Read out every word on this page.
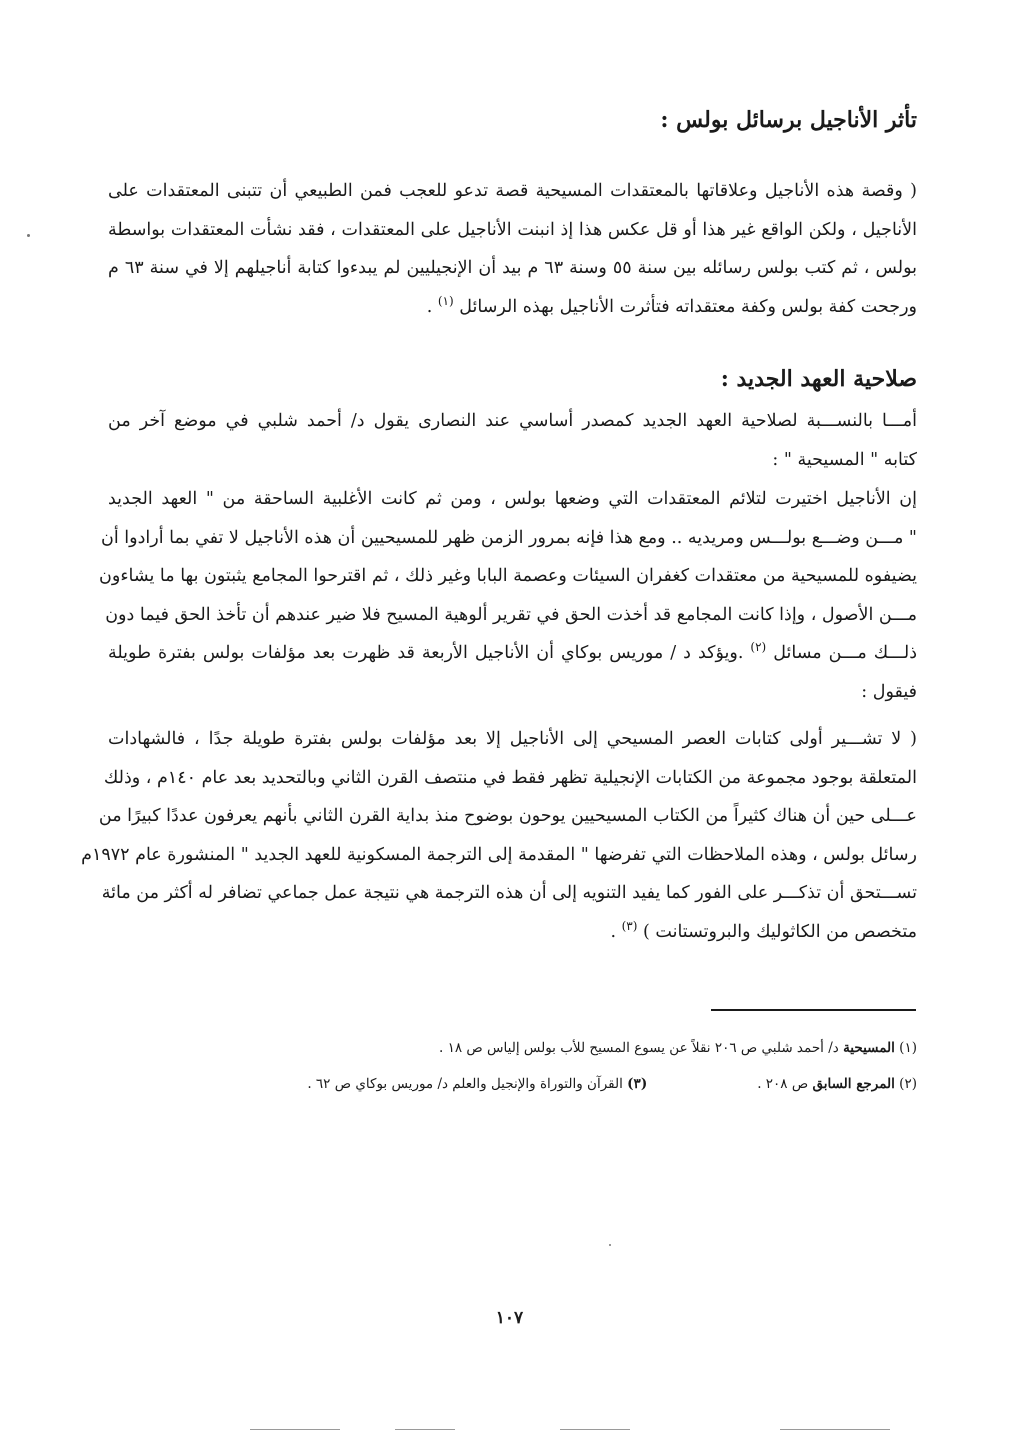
تأثر الأناجيل برسائل بولس :
( وقصة هذه الأناجيل وعلاقاتها بالمعتقدات المسيحية قصة تدعو للعجب فمن الطبيعي أن تتبنى المعتقدات على
الأناجيل ، ولكن الواقع غير هذا أو قل عكس هذا إذ انبنت الأناجيل على المعتقدات ، فقد نشأت المعتقدات بواسطة
بولس ، ثم كتب بولس رسائله بين سنة ٥٥ وسنة ٦٣ م بيد أن الإنجيليين لم يبدءوا كتابة أناجيلهم إلا في سنة ٦٣ م
ورجحت كفة بولس وكفة معتقداته فتأثرت الأناجيل بهذه الرسائل $^{(١)}$ .
صلاحية العهد الجديد :
أمـــا بالنســـبة لصلاحية العهد الجديد كمصدر أساسي عند النصارى يقول د/ أحمد شلبي في موضع آخر من
كتابه " المسيحية " :
إن الأناجيل اختيرت لتلائم المعتقدات التي وضعها بولس ، ومن ثم كانت الأغلبية الساحقة من " العهد الجديد
" مـــن وضـــع بولـــس ومريديه .. ومع هذا فإنه بمرور الزمن ظهر للمسيحيين أن هذه الأناجيل لا تفي بما أرادوا أن
يضيفوه للمسيحية من معتقدات كغفران السيئات وعصمة البابا وغير ذلك ، ثم اقترحوا المجامع يثبتون بها ما يشاءون
مـــن الأصول ، وإذا كانت المجامع قد أخذت الحق في تقرير ألوهية المسيح فلا ضير عندهم أن تأخذ الحق فيما دون
ذلـــك مـــن مسائل $^{(٢)}$ .ويؤكد د / موريس بوكاي أن الأناجيل الأربعة قد ظهرت بعد مؤلفات بولس بفترة طويلة
فيقول :
( لا تشـــير أولى كتابات العصر المسيحي إلى الأناجيل إلا بعد مؤلفات بولس بفترة طويلة جدًا ، فالشهادات
المتعلقة بوجود مجموعة من الكتابات الإنجيلية تظهر فقط في منتصف القرن الثاني وبالتحديد بعد عام ١٤٠م ، وذلك
عـــلى حين أن هناك كثيراً من الكتاب المسيحيين يوحون بوضوح منذ بداية القرن الثاني بأنهم يعرفون عددًا كبيرًا من
رسائل بولس ، وهذه الملاحظات التي تفرضها " المقدمة إلى الترجمة المسكونية للعهد الجديد " المنشورة عام ١٩٧٢م
تســـتحق أن تذكـــر على الفور كما يفيد التنويه إلى أن هذه الترجمة هي نتيجة عمل جماعي تضافر له أكثر من مائة
متخصص من الكاثوليك والبروتستانت ) $^{(٣)}$ .
(١) المسيحية د/ أحمد شلبي ص ٢٠٦ نقلاً عن يسوع المسيح للأب بولس إلياس ص ١٨ .
(٢) المرجع السابق ص ٢٠٨ .
(٣) القرآن والتوراة والإنجيل والعلم د/ موريس بوكاي ص ٦٢ .
١٠٧
